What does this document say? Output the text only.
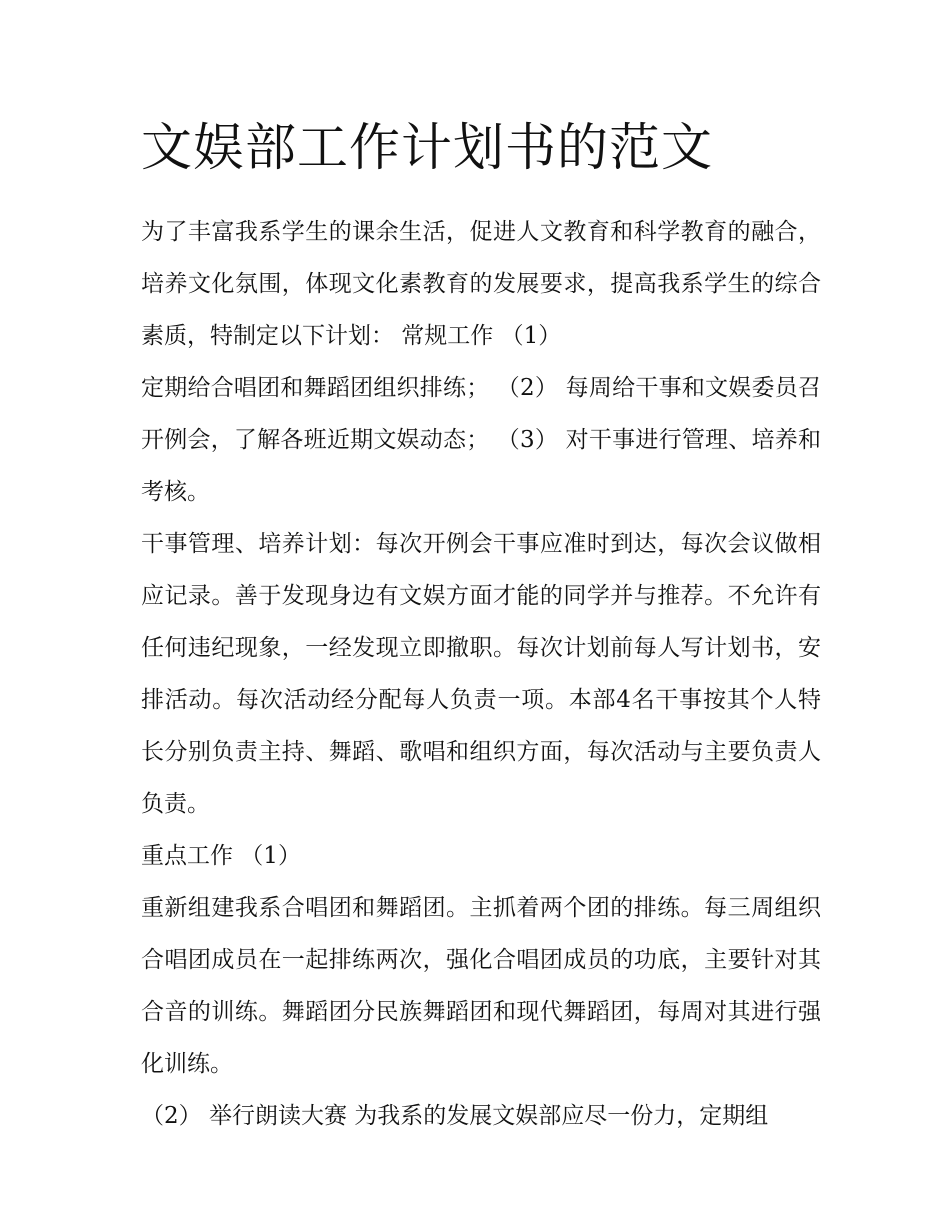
文娱部工作计划书的范文

为了丰富我系学生的课余生活，促进人文教育和科学教育的融合，培养文化氛围，体现文化素教育的发展要求，提高我系学生的综合素质，特制定以下计划： 常规工作 （1）

定期给合唱团和舞蹈团组织排练； （2） 每周给干事和文娱委员召开例会，了解各班近期文娱动态； （3） 对干事进行管理、培养和考核。

干事管理、培养计划：每次开例会干事应准时到达，每次会议做相应记录。善于发现身边有文娱方面才能的同学并与推荐。不允许有任何违纪现象，一经发现立即撤职。每次计划前每人写计划书，安排活动。每次活动经分配每人负责一项。本部4名干事按其个人特长分别负责主持、舞蹈、歌唱和组织方面，每次活动与主要负责人负责。

重点工作 （1）

重新组建我系合唱团和舞蹈团。主抓着两个团的排练。每三周组织合唱团成员在一起排练两次，强化合唱团成员的功底，主要针对其合音的训练。舞蹈团分民族舞蹈团和现代舞蹈团，每周对其进行强化训练。

（2） 举行朗读大赛 为我系的发展文娱部应尽一份力，定期组
